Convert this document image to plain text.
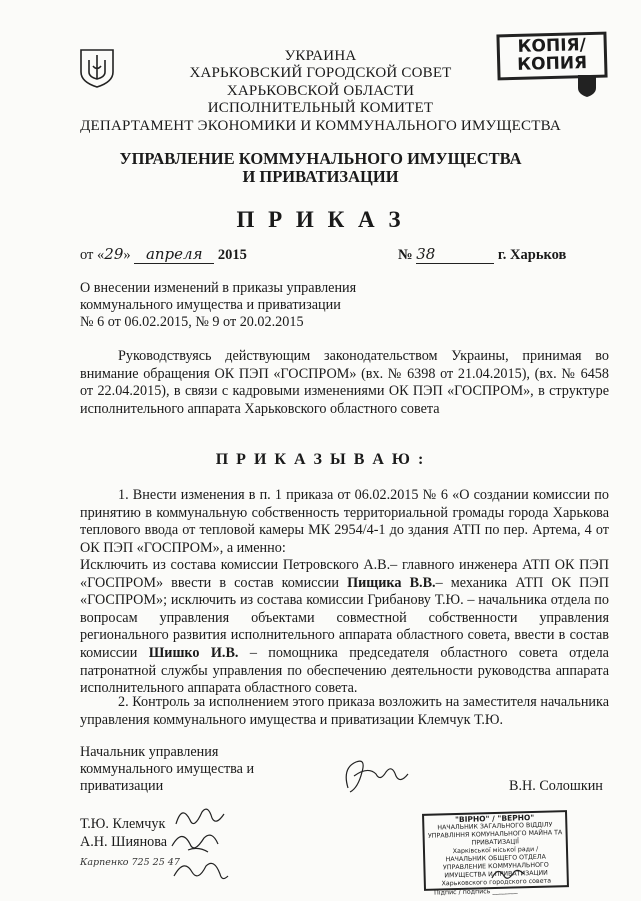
КОПІЯ/
КОПИЯ
УКРАИНА
ХАРЬКОВСКИЙ ГОРОДСКОЙ СОВЕТ
ХАРЬКОВСКОЙ ОБЛАСТИ
ИСПОЛНИТЕЛЬНЫЙ КОМИТЕТ
ДЕПАРТАМЕНТ ЭКОНОМИКИ И КОММУНАЛЬНОГО ИМУЩЕСТВА
УПРАВЛЕНИЕ КОММУНАЛЬНОГО ИМУЩЕСТВА
И ПРИВАТИЗАЦИИ
П Р И К А З
от «29» апреля 2015	№ 38	г. Харьков
О внесении изменений в приказы управления
коммунального имущества и приватизации
№ 6 от 06.02.2015, № 9 от 20.02.2015
Руководствуясь действующим законодательством Украины, принимая во внимание обращения ОК ПЭП «ГОСПРОМ» (вх. № 6398 от 21.04.2015), (вх. № 6458 от 22.04.2015), в связи с кадровыми изменениями ОК ПЭП «ГОСПРОМ», в структуре исполнительного аппарата Харьковского областного совета
П Р И К А З Ы В А Ю :
1. Внести изменения в п. 1 приказа от 06.02.2015 № 6 «О создании комиссии по принятию в коммунальную собственность территориальной громады города Харькова теплового ввода от тепловой камеры МК 2954/4-1 до здания АТП по пер. Артема, 4 от ОК ПЭП «ГОСПРОМ», а именно:
Исключить из состава комиссии Петровского А.В.– главного инженера АТП ОК ПЭП «ГОСПРОМ» ввести в состав комиссии Пищика В.В.– механика АТП ОК ПЭП «ГОСПРОМ»; исключить из состава комиссии Грибанову Т.Ю. – начальника отдела по вопросам управления объектами совместной собственности управления регионального развития исполнительного аппарата областного совета, ввести в состав комиссии Шишко И.В. – помощника председателя областного совета отдела патронатной службы управления по обеспечению деятельности руководства аппарата исполнительного аппарата областного совета.
2. Контроль за исполнением этого приказа возложить на заместителя начальника управления коммунального имущества и приватизации Клемчук Т.Ю.
Начальник управления
коммунального имущества и
приватизации	В.Н. Солошкин
Т.Ю. Клемчук
А.Н. Шиянова
Карпенко 725 25 47
"ВІРНО" / "ВЕРНО"
НАЧАЛЬНИК ЗАГАЛЬНОГО ВІДДІЛУ
УПРАВЛІННЯ КОМУНАЛЬНОГО МАЙНА ТА ПРИВАТИЗАЦІЇ
Харківської міської ради /
НАЧАЛЬНИК ОБЩЕГО ОТДЕЛА
УПРАВЛЕНИЕ КОММУНАЛЬНОГО ИМУЩЕСТВА И ПРИВАТИЗАЦИИ
Харьковского городского совета
Підпис / подпись ________
